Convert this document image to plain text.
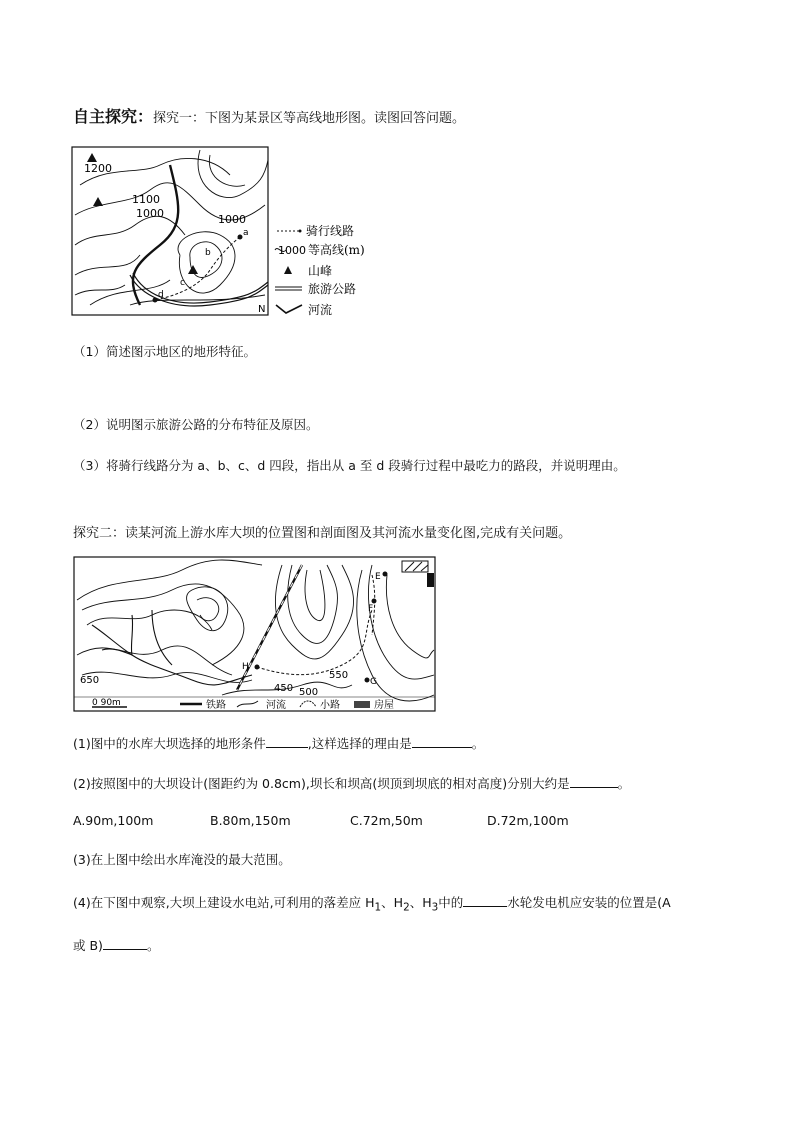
自主探究：探究一：下图为某景区等高线地形图。读图回答问题。
1200
1100
1000	1000
a
b
c
d
N
骑行线路
1000 等高线(m)
山峰
旅游公路
河流
（1）简述图示地区的地形特征。
（2）说明图示旅游公路的分布特征及原因。
（3）将骑行线路分为 a、b、c、d 四段，指出从 a 至 d 段骑行过程中最吃力的路段，并说明理由。
探究二：读某河流上游水库大坝的位置图和剖面图及其河流水量变化图,完成有关问题。
E
F
H
G
650
450 500
550
0 90m	铁路	河流	小路	房屋
(1)图中的水库大坝选择的地形条件	,这样选择的理由是	。
(2)按照图中的大坝设计(图距约为 0.8cm),坝长和坝高(坝顶到坝底的相对高度)分别大约是	。
A.90m,100m	B.80m,150m	C.72m,50m	D.72m,100m
(3)在上图中绘出水库淹没的最大范围。
(4)在下图中观察,大坝上建设水电站,可利用的落差应 $H_1$、$H_2$、$H_3$中的	水轮发电机应安装的位置是(A
或 B)	。
